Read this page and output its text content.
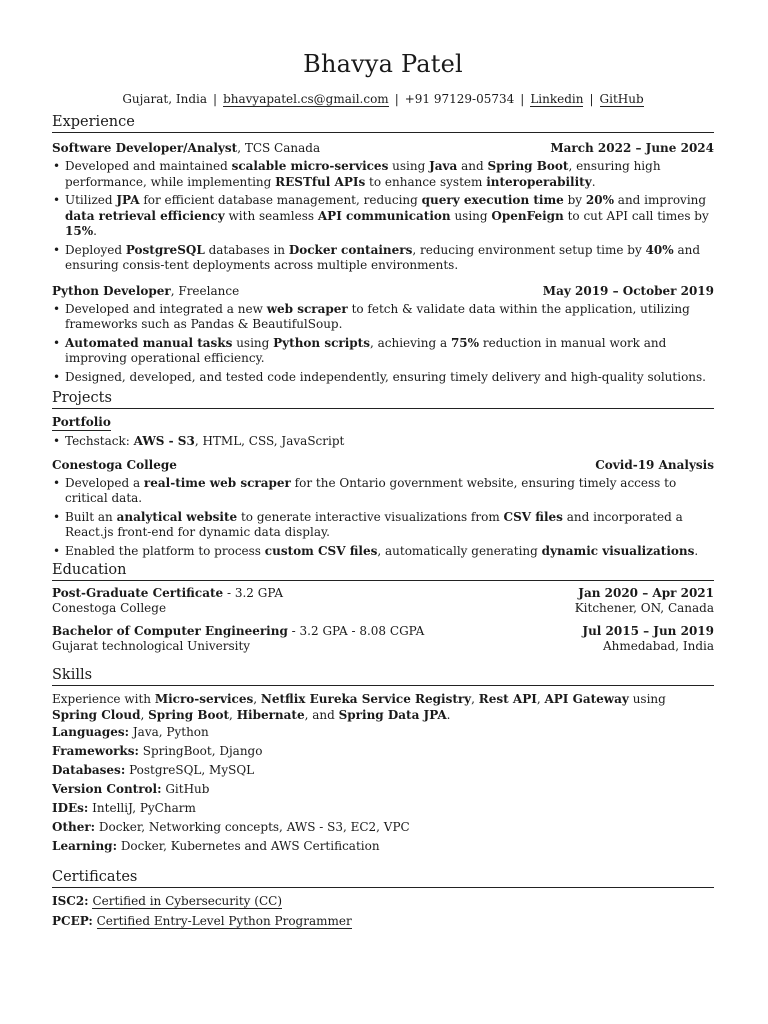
Bhavya Patel
Gujarat, India | bhavyapatel.cs@gmail.com | +91 97129-05734 | Linkedin | GitHub
Experience
Software Developer/Analyst, TCS Canada	March 2022 – June 2024
• Developed and maintained scalable micro-services using Java and Spring Boot, ensuring high performance, while implementing RESTful APIs to enhance system interoperability.
• Utilized JPA for efficient database management, reducing query execution time by 20% and improving data retrieval efficiency with seamless API communication using OpenFeign to cut API call times by 15%.
• Deployed PostgreSQL databases in Docker containers, reducing environment setup time by 40% and ensuring consis-tent deployments across multiple environments.
Python Developer, Freelance	May 2019 – October 2019
• Developed and integrated a new web scraper to fetch & validate data within the application, utilizing frameworks such as Pandas & BeautifulSoup.
• Automated manual tasks using Python scripts, achieving a 75% reduction in manual work and improving operational efficiency.
• Designed, developed, and tested code independently, ensuring timely delivery and high-quality solutions.
Projects
Portfolio
• Techstack: AWS - S3, HTML, CSS, JavaScript
Conestoga College	Covid-19 Analysis
• Developed a real-time web scraper for the Ontario government website, ensuring timely access to critical data.
• Built an analytical website to generate interactive visualizations from CSV files and incorporated a React.js front-end for dynamic data display.
• Enabled the platform to process custom CSV files, automatically generating dynamic visualizations.
Education
Post-Graduate Certificate - 3.2 GPA	Jan 2020 – Apr 2021
Conestoga College	Kitchener, ON, Canada
Bachelor of Computer Engineering - 3.2 GPA - 8.08 CGPA	Jul 2015 – Jun 2019
Gujarat technological University	Ahmedabad, India
Skills
Experience with Micro-services, Netflix Eureka Service Registry, Rest API, API Gateway using Spring Cloud, Spring Boot, Hibernate, and Spring Data JPA.
Languages: Java, Python
Frameworks: SpringBoot, Django
Databases: PostgreSQL, MySQL
Version Control: GitHub
IDEs: IntelliJ, PyCharm
Other: Docker, Networking concepts, AWS - S3, EC2, VPC
Learning: Docker, Kubernetes and AWS Certification
Certificates
ISC2: Certified in Cybersecurity (CC)
PCEP: Certified Entry-Level Python Programmer
